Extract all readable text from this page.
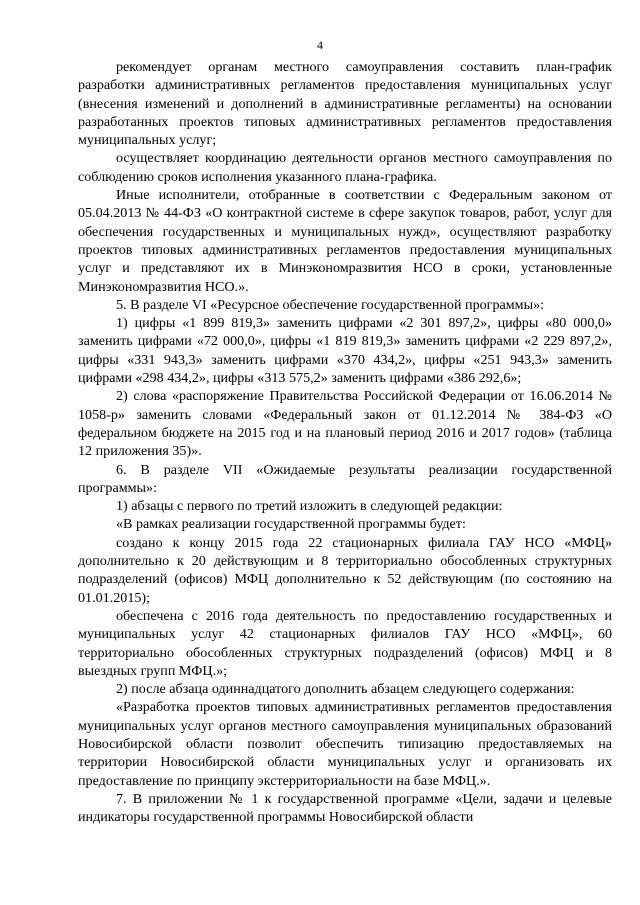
4

рекомендует органам местного самоуправления составить план-график разработки административных регламентов предоставления муниципальных услуг (внесения изменений и дополнений в административные регламенты) на основании разработанных проектов типовых административных регламентов предоставления муниципальных услуг;

осуществляет координацию деятельности органов местного самоуправления по соблюдению сроков исполнения указанного плана-графика.

Иные исполнители, отобранные в соответствии с Федеральным законом от 05.04.2013 № 44-ФЗ «О контрактной системе в сфере закупок товаров, работ, услуг для обеспечения государственных и муниципальных нужд», осуществляют разработку проектов типовых административных регламентов предоставления муниципальных услуг и представляют их в Минэкономразвития НСО в сроки, установленные Минэкономразвития НСО.».

5. В разделе VI «Ресурсное обеспечение государственной программы»:

1) цифры «1 899 819,3» заменить цифрами «2 301 897,2», цифры «80 000,0» заменить цифрами «72 000,0», цифры «1 819 819,3» заменить цифрами «2 229 897,2», цифры «331 943,3» заменить цифрами «370 434,2», цифры «251 943,3» заменить цифрами «298 434,2», цифры «313 575,2» заменить цифрами «386 292,6»;

2) слова «распоряжение Правительства Российской Федерации от 16.06.2014 № 1058-р» заменить словами «Федеральный закон от 01.12.2014 № 384-ФЗ «О федеральном бюджете на 2015 год и на плановый период 2016 и 2017 годов» (таблица 12 приложения 35)».

6. В разделе VII «Ожидаемые результаты реализации государственной программы»:

1) абзацы с первого по третий изложить в следующей редакции:

«В рамках реализации государственной программы будет:

создано к концу 2015 года 22 стационарных филиала ГАУ НСО «МФЦ» дополнительно к 20 действующим и 8 территориально обособленных структурных подразделений (офисов) МФЦ дополнительно к 52 действующим (по состоянию на 01.01.2015);

обеспечена с 2016 года деятельность по предоставлению государственных и муниципальных услуг 42 стационарных филиалов ГАУ НСО «МФЦ», 60 территориально обособленных структурных подразделений (офисов) МФЦ и 8 выездных групп МФЦ.»;

2) после абзаца одиннадцатого дополнить абзацем следующего содержания:

«Разработка проектов типовых административных регламентов предоставления муниципальных услуг органов местного самоуправления муниципальных образований Новосибирской области позволит обеспечить типизацию предоставляемых на территории Новосибирской области муниципальных услуг и организовать их предоставление по принципу экстерриториальности на базе МФЦ.».

7. В приложении № 1 к государственной программе «Цели, задачи и целевые индикаторы государственной программы Новосибирской области
